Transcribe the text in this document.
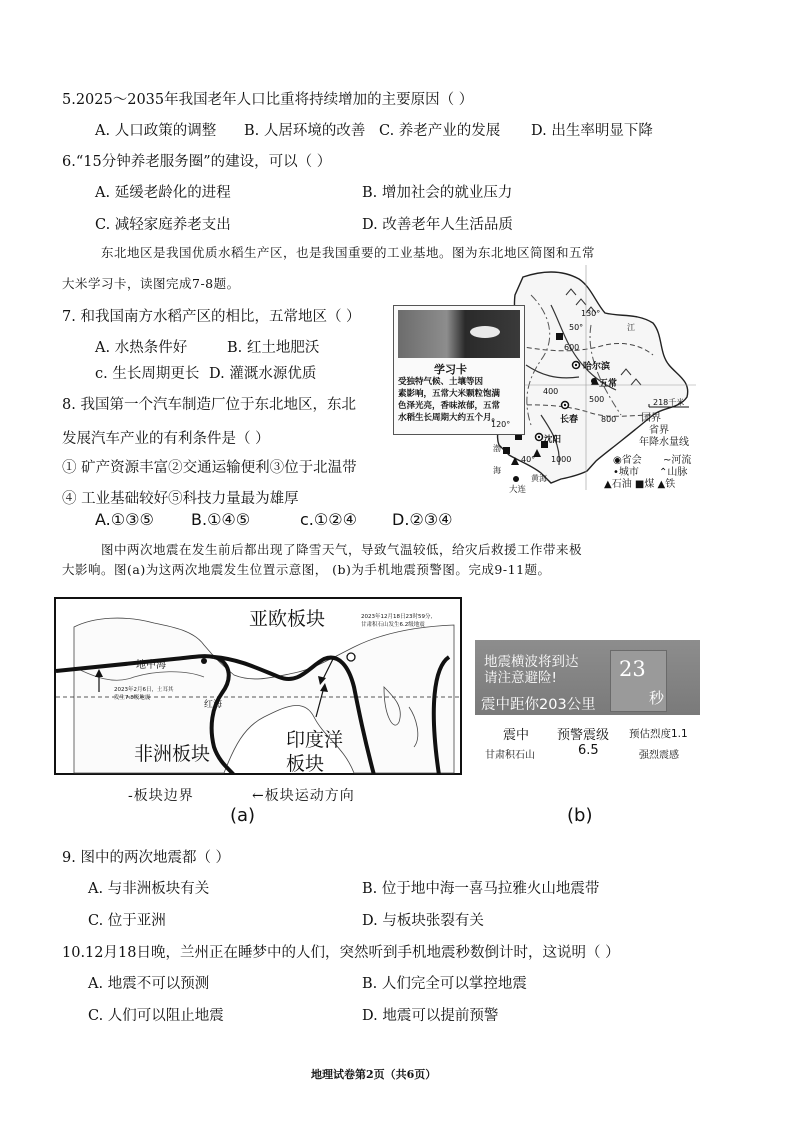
5.2025～2035年我国老年人口比重将持续增加的主要原因（ ）
A. 人口政策的调整 B. 人居环境的改善 C. 养老产业的发展 D. 出生率明显下降
6.“15分钟养老服务圈”的建设，可以（ ）
A. 延缓老龄化的进程	B. 增加社会的就业压力
C. 减轻家庭养老支出	D. 改善老年人生活品质
东北地区是我国优质水稻生产区，也是我国重要的工业基地。图为东北地区简图和五常
大米学习卡，读图完成7-8题。
7. 和我国南方水稻产区的相比，五常地区（ ）
A. 水热条件好	B. 红土地肥沃
c. 生长周期更长 D. 灌溉水源优质
8. 我国第一个汽车制造厂位于东北地区，东北
发展汽车产业的有利条件是（ ）
① 矿产资源丰富②交通运输便利③位于北温带
④ 工业基础较好⑤科技力量最为雄厚
A.①③⑤ B.①④⑤	c.①②④ D.②③④
学习卡
受独特气候、土壤等因
素影响，五常大米颗粒饱满
色泽光亮，香味浓郁，五常
水稻生长周期大约五个月。
哈尔滨
五常
长春
沈阳
大连
渤
海
黄海
50°
130°
120°
40°
600
400
500
800
1000
江
218千米
国界
省界
年降水量线
◉省会 ~河流
•城市 ⌃山脉
▲石油 ■煤 ▲铁
图中两次地震在发生前后都出现了降雪天气，导致气温较低，给灾后救援工作带来极
大影响。图(a)为这两次地震发生位置示意图， (b)为手机地震预警图。完成9-11题。
亚欧板块
非洲板块
印度洋
板块
地中海
红海
2023年12月18日23时59分,
甘肃积石山发生6.2级地震
2023年2月6日，土耳其
发生7.8级地震
-板块边界	←板块运动方向
(a)
地震横波将到达
请注意避险!
震中距你203公里
23
秒
震中
甘肃积石山
预警震级
6.5
预估烈度1.1
强烈震感
(b)
9. 图中的两次地震都（ ）
A. 与非洲板块有关	B. 位于地中海一喜马拉雅火山地震带
C. 位于亚洲	D. 与板块张裂有关
10.12月18日晚，兰州正在睡梦中的人们，突然听到手机地震秒数倒计时，这说明（ ）
A. 地震不可以预测	B. 人们完全可以掌控地震
C. 人们可以阻止地震	D. 地震可以提前预警
地理试卷第2页（共6页）
